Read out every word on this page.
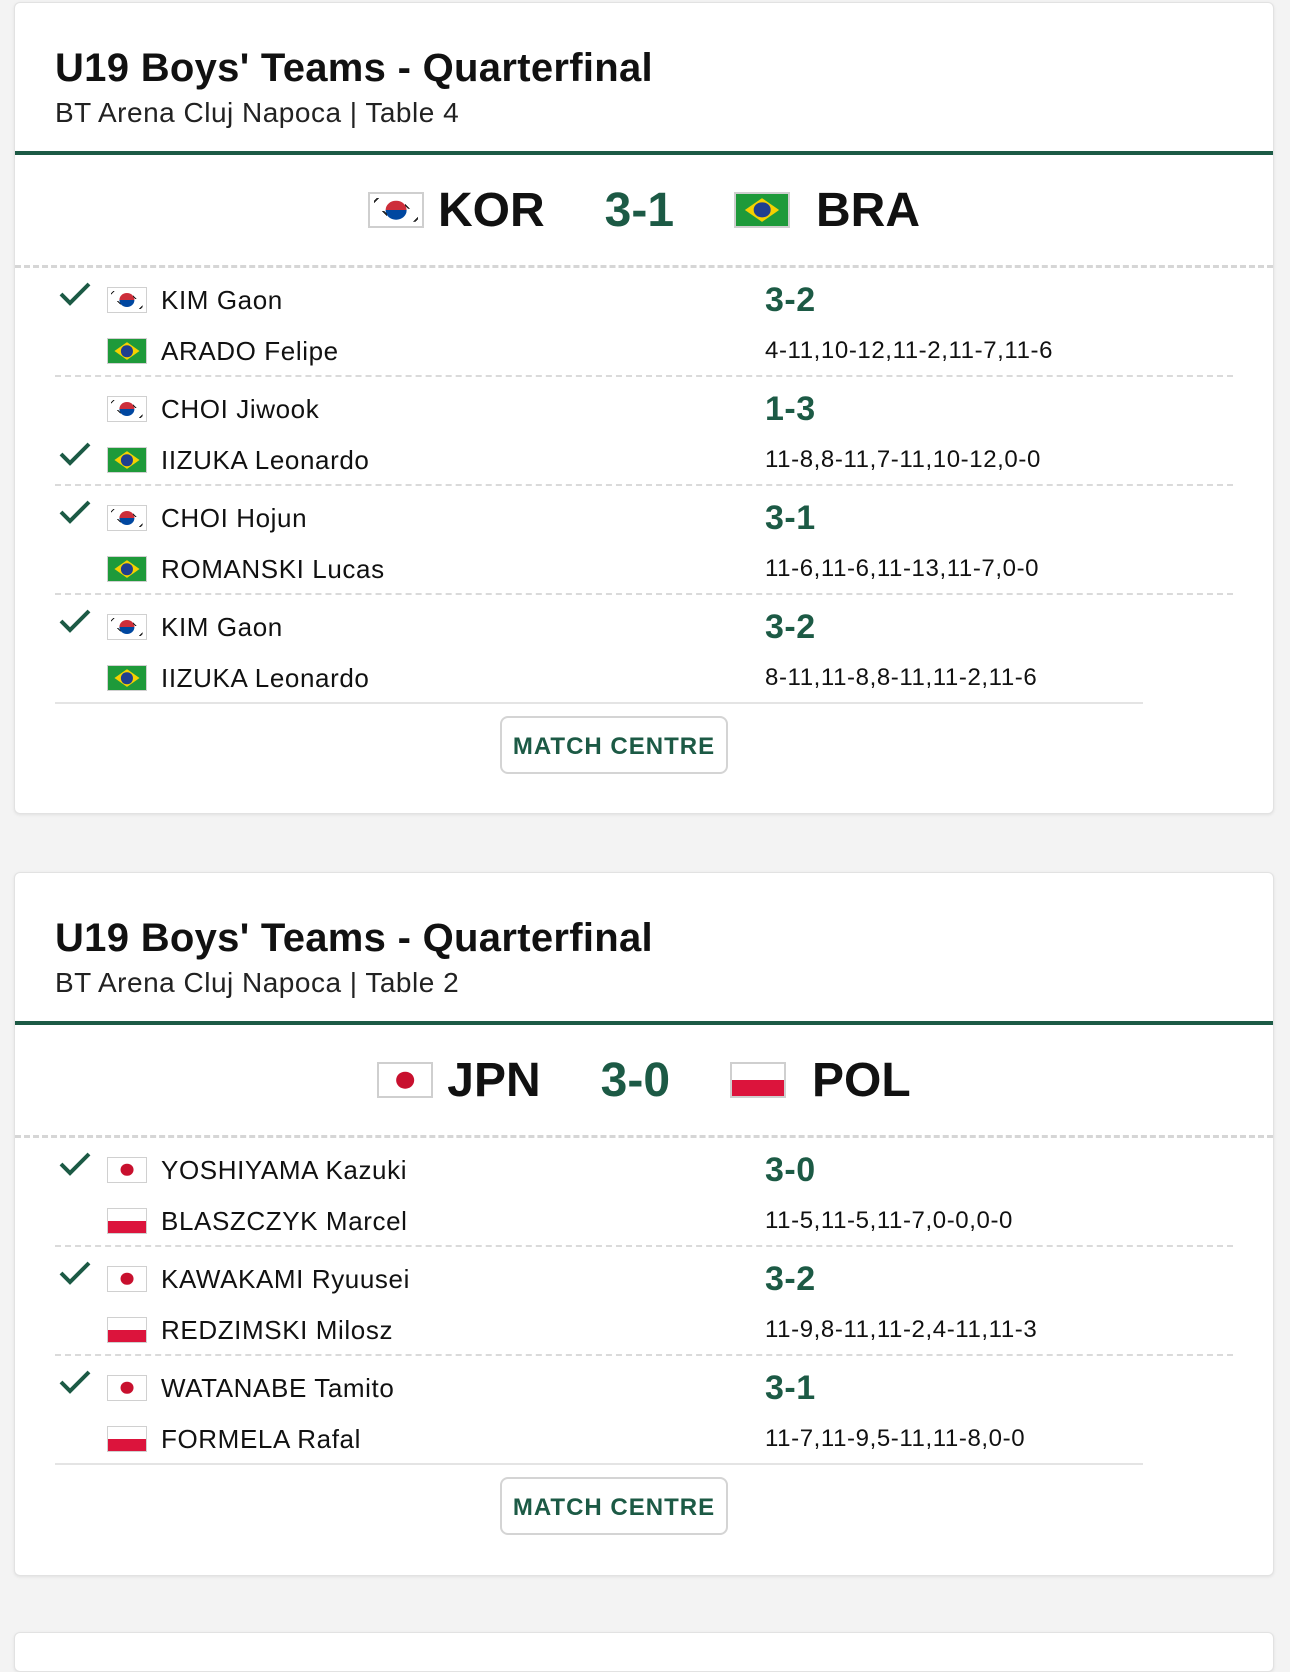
U19 Boys' Teams - Quarterfinal
BT Arena Cluj Napoca | Table 4
KOR 3-1	BRA
KIM Gaon
ARADO Felipe
3-2
4-11,10-12,11-2,11-7,11-6
CHOI Jiwook
IIZUKA Leonardo
1-3
11-8,8-11,7-11,10-12,0-0
CHOI Hojun
ROMANSKI Lucas
3-1
11-6,11-6,11-13,11-7,0-0
KIM Gaon
IIZUKA Leonardo
3-2
8-11,11-8,8-11,11-2,11-6
MATCH CENTRE
U19 Boys' Teams - Quarterfinal
BT Arena Cluj Napoca | Table 2
JPN 3-0	POL
YOSHIYAMA Kazuki
BLASZCZYK Marcel
3-0
11-5,11-5,11-7,0-0,0-0
KAWAKAMI Ryuusei
REDZIMSKI Milosz
3-2
11-9,8-11,11-2,4-11,11-3
WATANABE Tamito
FORMELA Rafal
3-1
11-7,11-9,5-11,11-8,0-0
MATCH CENTRE
